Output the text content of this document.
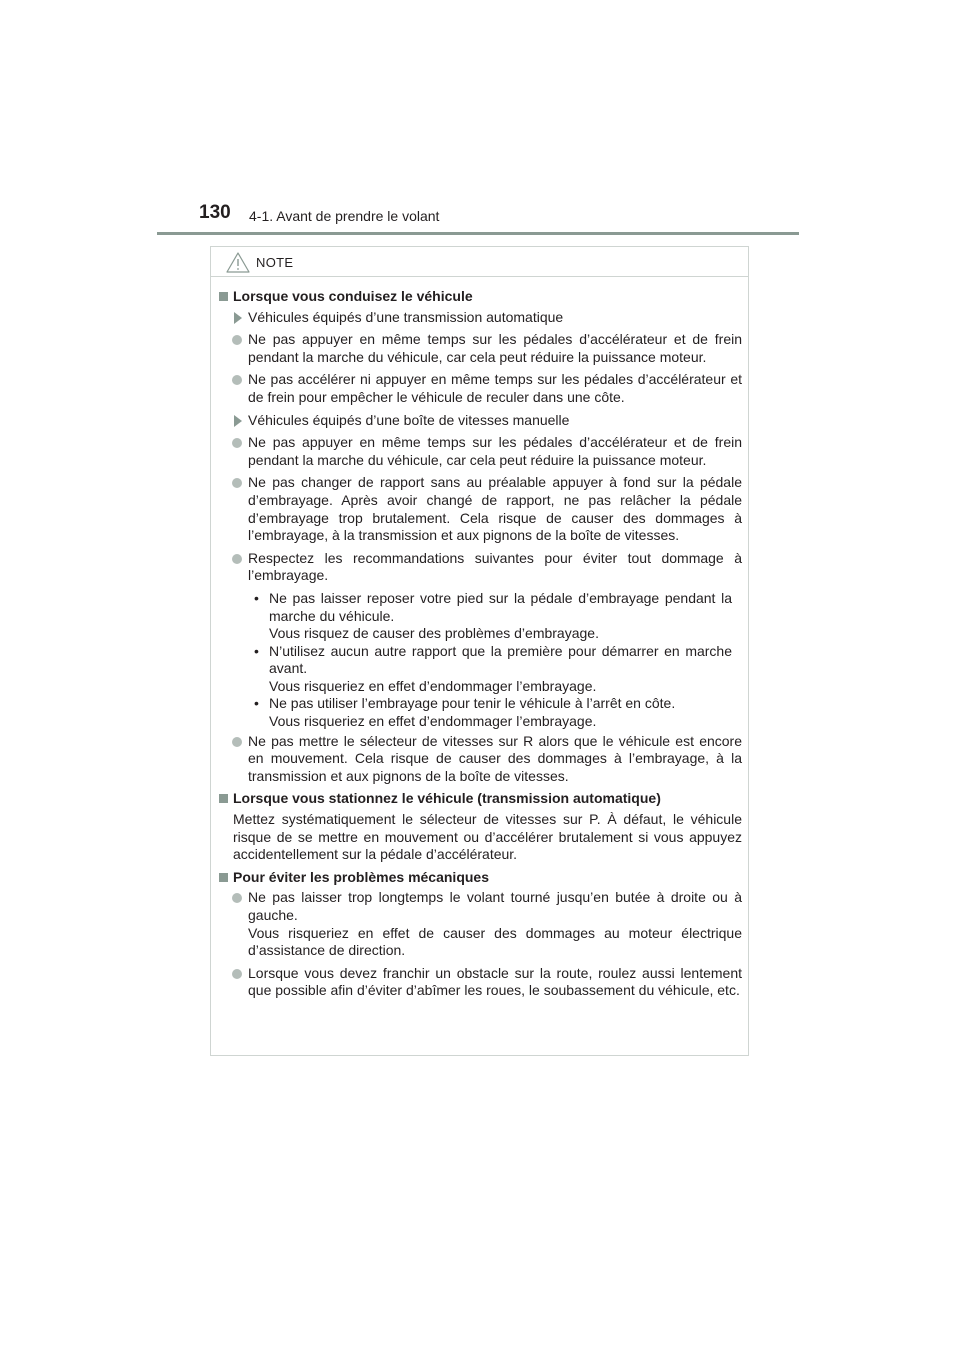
130 4-1. Avant de prendre le volant
NOTE
Lorsque vous conduisez le véhicule
Véhicules équipés d’une transmission automatique
Ne pas appuyer en même temps sur les pédales d’accélérateur et de frein pendant la marche du véhicule, car cela peut réduire la puissance moteur.
Ne pas accélérer ni appuyer en même temps sur les pédales d’accélérateur et de frein pour empêcher le véhicule de reculer dans une côte.
Véhicules équipés d’une boîte de vitesses manuelle
Ne pas appuyer en même temps sur les pédales d’accélérateur et de frein pendant la marche du véhicule, car cela peut réduire la puissance moteur.
Ne pas changer de rapport sans au préalable appuyer à fond sur la pédale d’embrayage. Après avoir changé de rapport, ne pas relâcher la pédale d’embrayage trop brutalement. Cela risque de causer des dommages à l’embrayage, à la transmission et aux pignons de la boîte de vitesses.
Respectez les recommandations suivantes pour éviter tout dommage à l’embrayage.
• Ne pas laisser reposer votre pied sur la pédale d’embrayage pendant la marche du véhicule.
Vous risquez de causer des problèmes d’embrayage.
• N’utilisez aucun autre rapport que la première pour démarrer en marche avant.
Vous risqueriez en effet d’endommager l’embrayage.
• Ne pas utiliser l’embrayage pour tenir le véhicule à l’arrêt en côte.
Vous risqueriez en effet d’endommager l’embrayage.
Ne pas mettre le sélecteur de vitesses sur R alors que le véhicule est encore en mouvement. Cela risque de causer des dommages à l’embrayage, à la transmission et aux pignons de la boîte de vitesses.
Lorsque vous stationnez le véhicule (transmission automatique)
Mettez systématiquement le sélecteur de vitesses sur P. À défaut, le véhicule risque de se mettre en mouvement ou d’accélérer brutalement si vous appuyez accidentellement sur la pédale d’accélérateur.
Pour éviter les problèmes mécaniques
Ne pas laisser trop longtemps le volant tourné jusqu’en butée à droite ou à gauche.
Vous risqueriez en effet de causer des dommages au moteur électrique d’assistance de direction.
Lorsque vous devez franchir un obstacle sur la route, roulez aussi lentement que possible afin d’éviter d’abîmer les roues, le soubassement du véhicule, etc.
